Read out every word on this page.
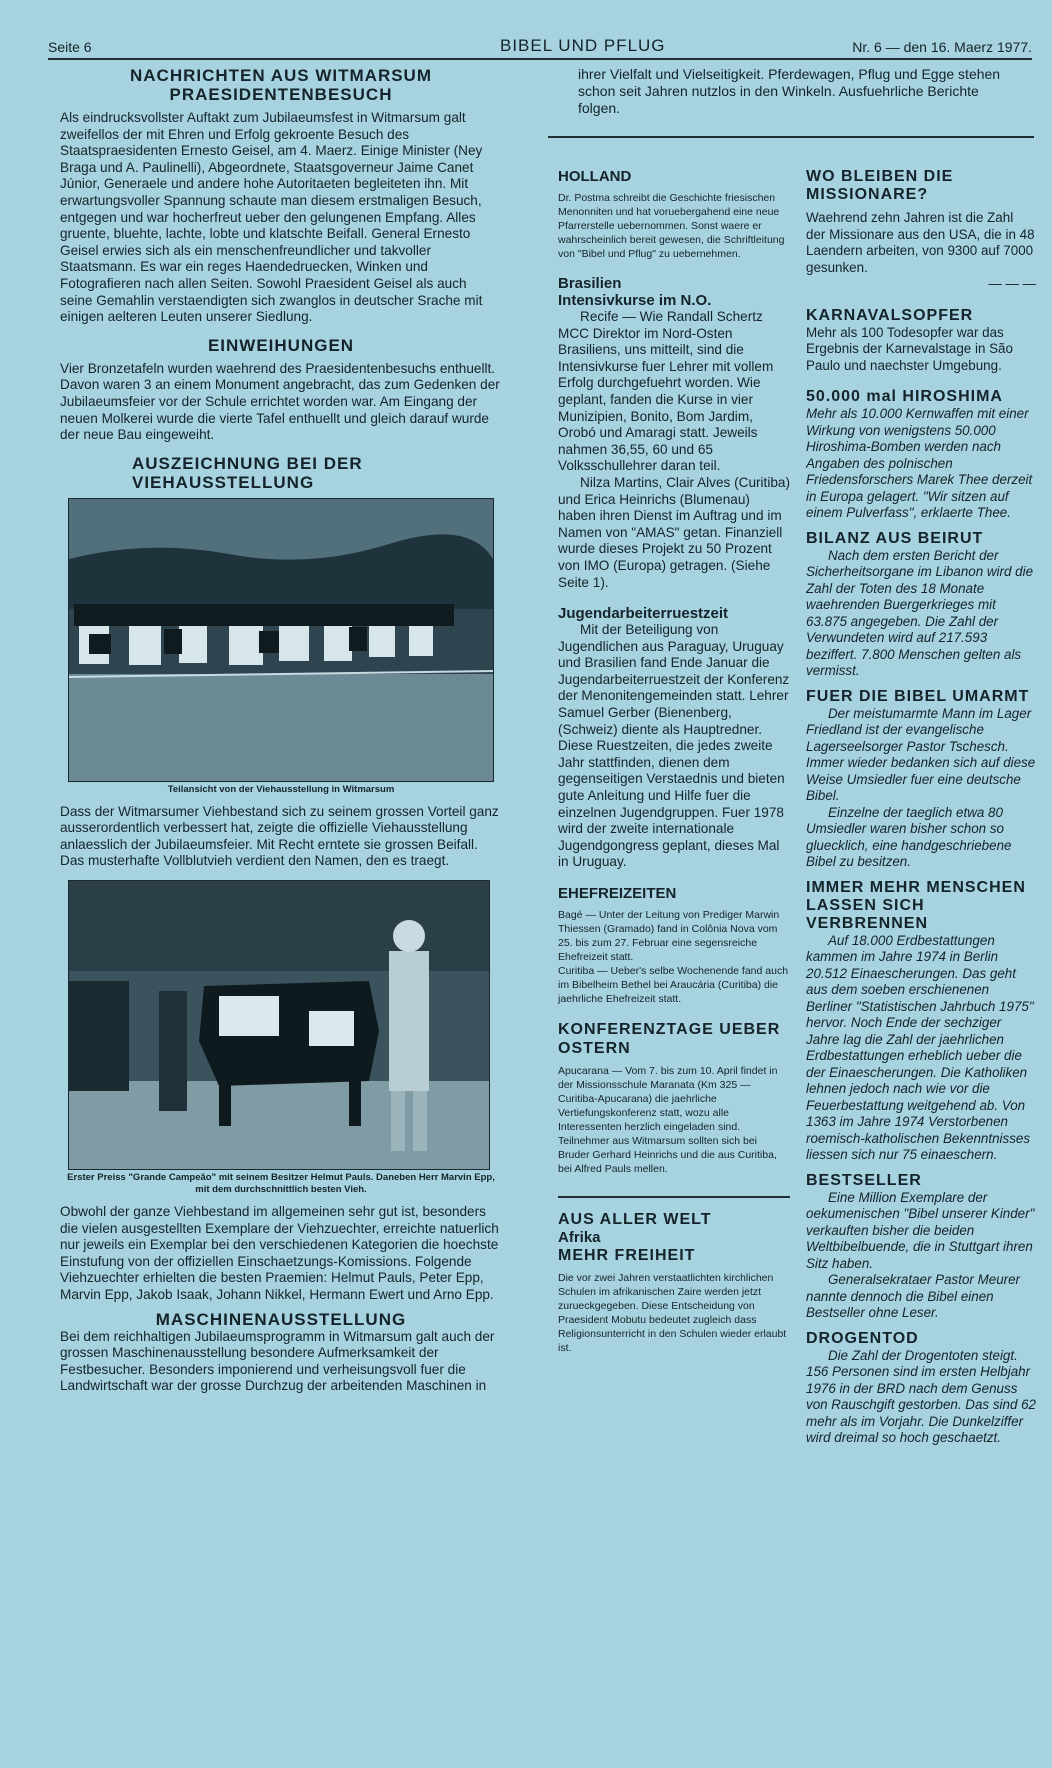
Seite 6	BIBEL UND PFLUG	Nr. 6 — den 16. Maerz 1977.
NACHRICHTEN AUS WITMARSUM
PRAESIDENTENBESUCH

Als eindrucksvollster Auftakt zum Jubilaeumsfest in Witmarsum galt zweifellos der mit Ehren und Erfolg gekroente Besuch des Staatspraesidenten Ernesto Geisel, am 4. Maerz. Einige Minister (Ney Braga und A. Paulinelli), Abgeordnete, Staatsgoverneur Jaime Canet Júnior, Generaele und andere hohe Autoritaeten begleiteten ihn. Mit erwartungsvoller Spannung schaute man diesem erstmaligen Besuch, entgegen und war hocherfreut ueber den gelungenen Empfang. Alles gruente, bluehte, lachte, lobte und klatschte Beifall. General Ernesto Geisel erwies sich als ein menschenfreundlicher und takvoller Staatsmann. Es war ein reges Haendedruecken, Winken und Fotografieren nach allen Seiten. Sowohl Praesident Geisel als auch seine Gemahlin verstaendigten sich zwanglos in deutscher Srache mit einigen aelteren Leuten unserer Siedlung.

EINWEIHUNGEN

Vier Bronzetafeln wurden waehrend des Praesidentenbesuchs enthuellt. Davon waren 3 an einem Monument angebracht, das zum Gedenken der Jubilaeumsfeier vor der Schule errichtet worden war. Am Eingang der neuen Molkerei wurde die vierte Tafel enthuellt und gleich darauf wurde der neue Bau eingeweiht.

AUSZEICHNUNG BEI DER VIEHAUSSTELLUNG
Teilansicht von der Viehausstellung in Witmarsum

Dass der Witmarsumer Viehbestand sich zu seinem grossen Vorteil ganz ausserordentlich verbessert hat, zeigte die offizielle Viehausstellung anlaesslich der Jubilaeumsfeier. Mit Recht erntete sie grossen Beifall. Das musterhafte Vollblutvieh verdient den Namen, den es traegt.

Erster Preiss "Grande Campeão" mit seinem Besitzer Helmut Pauls. Daneben Herr Marvin Epp, mit dem durchschnittlich besten Vieh.

Obwohl der ganze Viehbestand im allgemeinen sehr gut ist, besonders die vielen ausgestellten Exemplare der Viehzuechter, erreichte natuerlich nur jeweils ein Exemplar bei den verschiedenen Kategorien die hoechste Einstufung von der offiziellen Einschaetzungs-Komissions. Folgende Viehzuechter erhielten die besten Praemien: Helmut Pauls, Peter Epp, Marvin Epp, Jakob Isaak, Johann Nikkel, Hermann Ewert und Arno Epp.

MASCHINENAUSSTELLUNG

Bei dem reichhaltigen Jubilaeumsprogramm in Witmarsum galt auch der grossen Maschinenausstellung besondere Aufmerksamkeit der Festbesucher. Besonders imponierend und verheisungsvoll fuer die Landwirtschaft war der grosse Durchzug der arbeitenden Maschinen in

ihrer Vielfalt und Vielseitigkeit. Pferdewagen, Pflug und Egge stehen schon seit Jahren nutzlos in den Winkeln. Ausfuehrliche Berichte folgen.

HOLLAND

Dr. Postma schreibt die Geschichte friesischen Menonniten und hat voruebergahend eine neue Pfarrerstelle uebernommen. Sonst waere er wahrscheinlich bereit gewesen, die Schriftleitung von "Bibel und Pflug" zu uebernehmen.

Brasilien
Intensivkurse im N.O.

Recife — Wie Randall Schertz MCC Direktor im Nord-Osten Brasiliens, uns mitteilt, sind die Intensivkurse fuer Lehrer mit vollem Erfolg durchgefuehrt worden. Wie geplant, fanden die Kurse in vier Munizipien, Bonito, Bom Jardim, Orobó und Amaragi statt. Jeweils nahmen 36,55, 60 und 65 Volksschullehrer daran teil.

Nilza Martins, Clair Alves (Curitiba) und Erica Heinrichs (Blumenau) haben ihren Dienst im Auftrag und im Namen von "AMAS" getan. Finanziell wurde dieses Projekt zu 50 Prozent von IMO (Europa) getragen. (Siehe Seite 1).

Jugendarbeiterruestzeit

Mit der Beteiligung von Jugendlichen aus Paraguay, Uruguay und Brasilien fand Ende Januar die Jugendarbeiterruestzeit der Konferenz der Menonitengemeinden statt. Lehrer Samuel Gerber (Bienenberg, (Schweiz) diente als Hauptredner. Diese Ruestzeiten, die jedes zweite Jahr stattfinden, dienen dem gegenseitigen Verstaednis und bieten gute Anleitung und Hilfe fuer die einzelnen Jugendgruppen. Fuer 1978 wird der zweite internationale Jugendgongress geplant, dieses Mal in Uruguay.

EHEFREIZEITEN

Bagé — Unter der Leitung von Prediger Marwin Thiessen (Gramado) fand in Colônia Nova vom 25. bis zum 27. Februar eine segensreiche Ehefreizeit statt.

Curitiba — Ueber's selbe Wochenende fand auch im Bibelheim Bethel bei Araucária (Curitiba) die jaehrliche Ehefreizeit statt.

KONFERENZTAGE UEBER OSTERN

Apucarana — Vom 7. bis zum 10. April findet in der Missionsschule Maranata (Km 325 — Curitiba-Apucarana) die jaehrliche Vertiefungskonferenz statt, wozu alle Interessenten herzlich eingeladen sind. Teilnehmer aus Witmarsum sollten sich bei Bruder Gerhard Heinrichs und die aus Curitiba, bei Alfred Pauls mellen.

AUS ALLER WELT
Afrika
MEHR FREIHEIT

Die vor zwei Jahren verstaatlichten kirchlichen Schulen im afrikanischen Zaire werden jetzt zurueckgegeben. Diese Entscheidung von Praesident Mobutu bedeutet zugleich dass Religionsunterricht in den Schulen wieder erlaubt ist.

WO BLEIBEN DIE MISSIONARE?

Waehrend zehn Jahren ist die Zahl der Missionare aus den USA, die in 48 Laendern arbeiten, von 9300 auf 7000 gesunken.

— — —

KARNAVALSOPFER

Mehr als 100 Todesopfer war das Ergebnis der Karnevalstage in São Paulo und naechster Umgebung.

50.000 mal HIROSHIMA

Mehr als 10.000 Kernwaffen mit einer Wirkung von wenigstens 50.000 Hiroshima-Bomben werden nach Angaben des polnischen Friedensforschers Marek Thee derzeit in Europa gelagert. "Wir sitzen auf einem Pulverfass", erklaerte Thee.

BILANZ AUS BEIRUT

Nach dem ersten Bericht der Sicherheitsorgane im Libanon wird die Zahl der Toten des 18 Monate waehrenden Buergerkrieges mit 63.875 angegeben. Die Zahl der Verwundeten wird auf 217.593 beziffert. 7.800 Menschen gelten als vermisst.

FUER DIE BIBEL UMARMT

Der meistumarmte Mann im Lager Friedland ist der evangelische Lagerseelsorger Pastor Tschesch. Immer wieder bedanken sich auf diese Weise Umsiedler fuer eine deutsche Bibel.

Einzelne der taeglich etwa 80 Umsiedler waren bisher schon so gluecklich, eine handgeschriebene Bibel zu besitzen.

IMMER MEHR MENSCHEN LASSEN SICH VERBRENNEN

Auf 18.000 Erdbestattungen kammen im Jahre 1974 in Berlin 20.512 Einaescherungen. Das geht aus dem soeben erschienenen Berliner "Statistischen Jahrbuch 1975" hervor. Noch Ende der sechziger Jahre lag die Zahl der jaehrlichen Erdbestattungen erheblich ueber die der Einaescherungen. Die Katholiken lehnen jedoch nach wie vor die Feuerbestattung weitgehend ab. Von 1363 im Jahre 1974 Verstorbenen roemisch-katholischen Bekenntnisses liessen sich nur 75 einaeschern.

BESTSELLER

Eine Million Exemplare der oekumenischen "Bibel unserer Kinder" verkauften bisher die beiden Weltbibelbuende, die in Stuttgart ihren Sitz haben.

Generalsekrataer Pastor Meurer nannte dennoch die Bibel einen Bestseller ohne Leser.

DROGENTOD

Die Zahl der Drogentoten steigt. 156 Personen sind im ersten Helbjahr 1976 in der BRD nach dem Genuss von Rauschgift gestorben. Das sind 62 mehr als im Vorjahr. Die Dunkelziffer wird dreimal so hoch geschaetzt.
